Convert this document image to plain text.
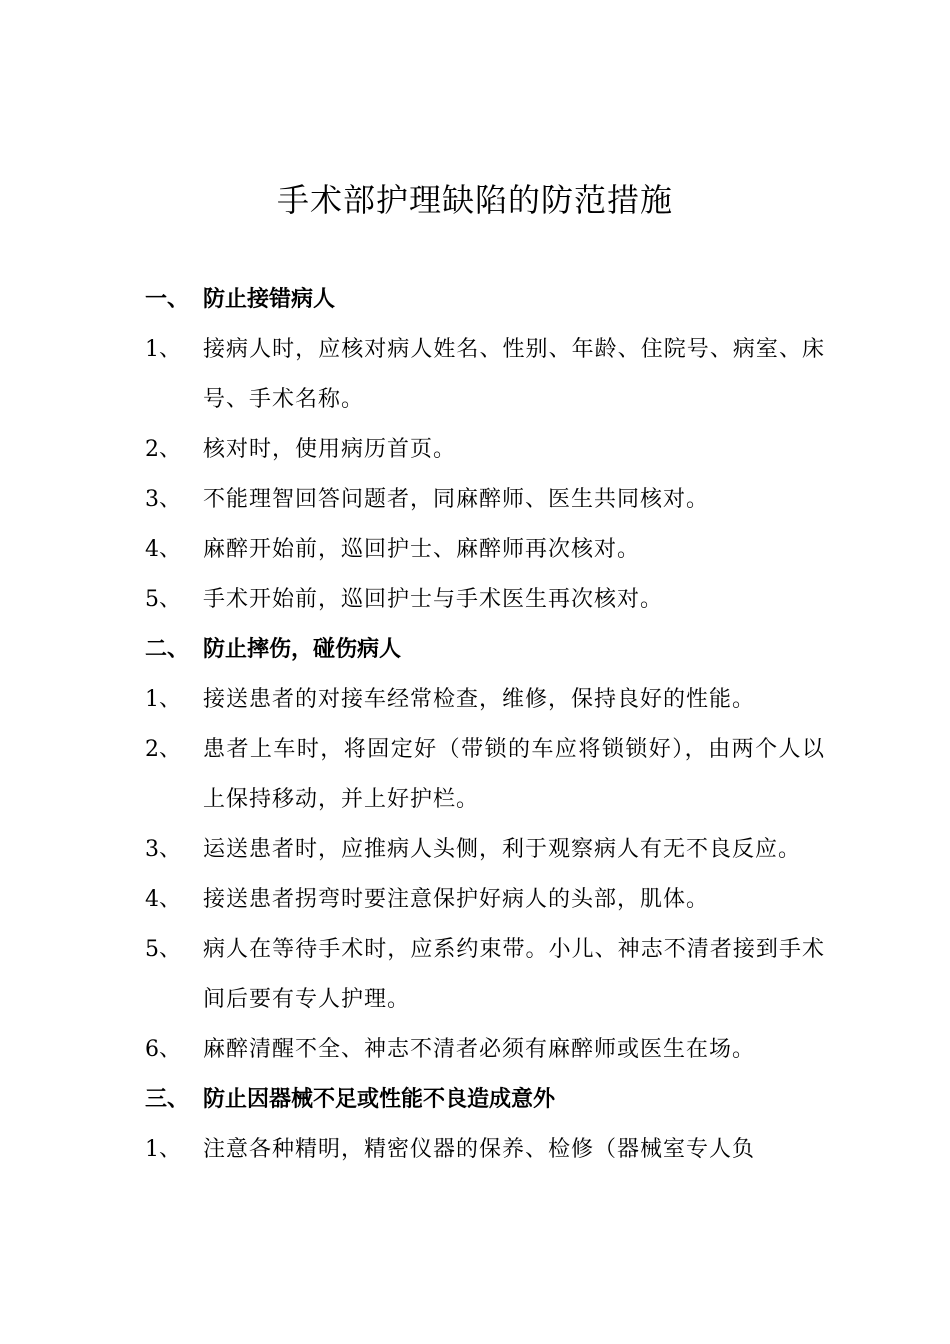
手术部护理缺陷的防范措施
一、 防止接错病人
1、	接病人时，应核对病人姓名、性别、年龄、住院号、病室、床号、手术名称。
2、	核对时，使用病历首页。
3、	不能理智回答问题者，同麻醉师、医生共同核对。
4、	麻醉开始前，巡回护士、麻醉师再次核对。
5、	手术开始前，巡回护士与手术医生再次核对。
二、 防止摔伤，碰伤病人
1、	接送患者的对接车经常检查，维修，保持良好的性能。
2、	患者上车时，将固定好（带锁的车应将锁锁好），由两个人以上保持移动，并上好护栏。
3、	运送患者时，应推病人头侧，利于观察病人有无不良反应。
4、	接送患者拐弯时要注意保护好病人的头部，肌体。
5、	病人在等待手术时，应系约束带。小儿、神志不清者接到手术间后要有专人护理。
6、	麻醉清醒不全、神志不清者必须有麻醉师或医生在场。
三、 防止因器械不足或性能不良造成意外
1、	注意各种精明，精密仪器的保养、检修（器械室专人负
